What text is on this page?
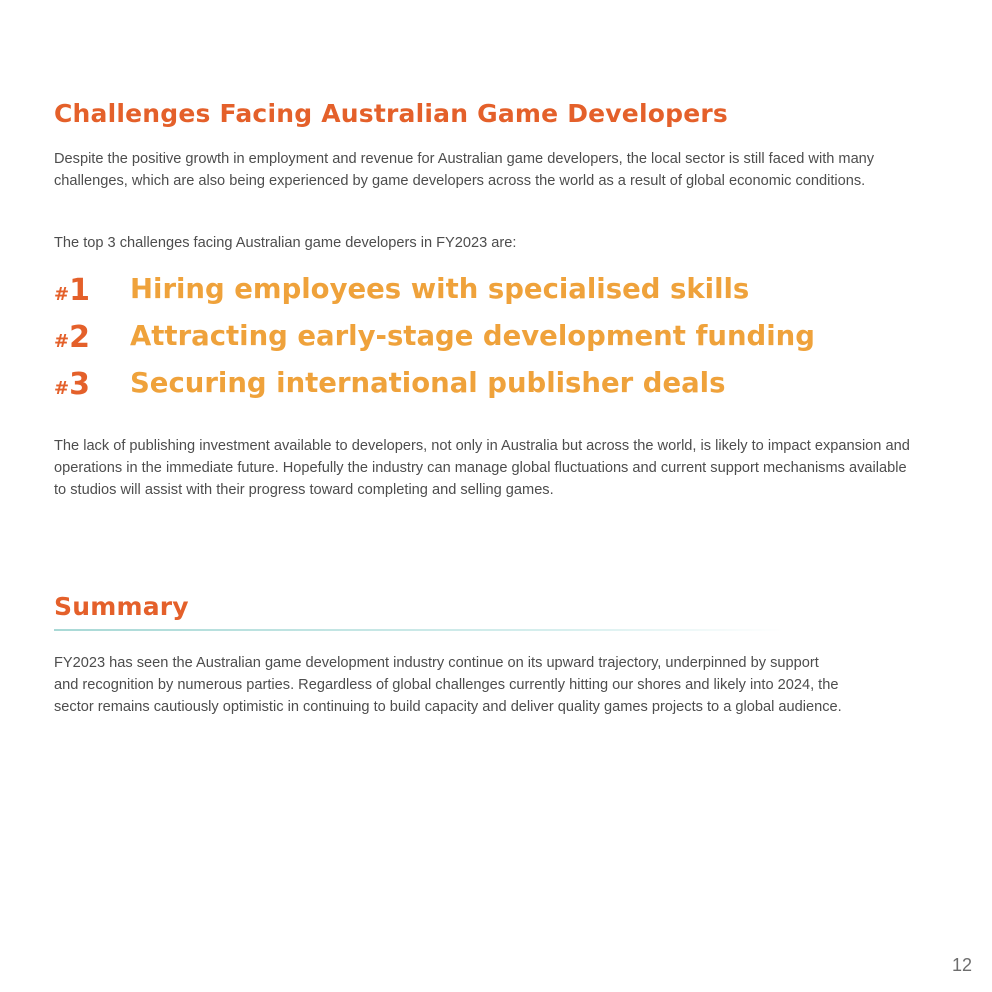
Challenges Facing Australian Game Developers

Despite the positive growth in employment and revenue for Australian game developers, the local sector is still faced with many challenges, which are also being experienced by game developers across the world as a result of global economic conditions.

The top 3 challenges facing Australian game developers in FY2023 are:

#1	Hiring employees with specialised skills
#2	Attracting early-stage development funding
#3	Securing international publisher deals

The lack of publishing investment available to developers, not only in Australia but across the world, is likely to impact expansion and operations in the immediate future. Hopefully the industry can manage global fluctuations and current support mechanisms available to studios will assist with their progress toward completing and selling games.

Summary

FY2023 has seen the Australian game development industry continue on its upward trajectory, underpinned by support and recognition by numerous parties. Regardless of global challenges currently hitting our shores and likely into 2024, the sector remains cautiously optimistic in continuing to build capacity and deliver quality games projects to a global audience.

12
